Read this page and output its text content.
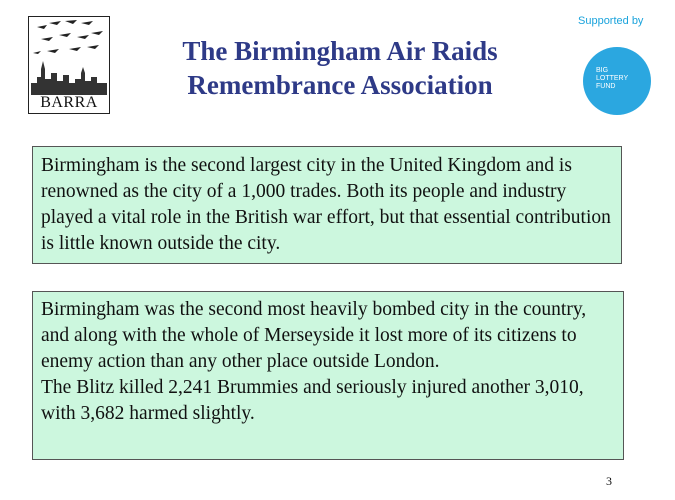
BARRA
The Birmingham Air Raids
Remembrance Association
Supported by
BIG
LOTTERY
FUND

Birmingham is the second largest city in the United Kingdom and is renowned as the city of a 1,000 trades. Both its people and industry played a vital role in the British war effort, but that essential contribution is little known outside the city.

Birmingham was the second most heavily bombed city in the country, and along with the whole of Merseyside it lost more of its citizens to enemy action than any other place outside London.

The Blitz killed 2,241 Brummies and seriously injured another 3,010, with 3,682 harmed slightly.

3
